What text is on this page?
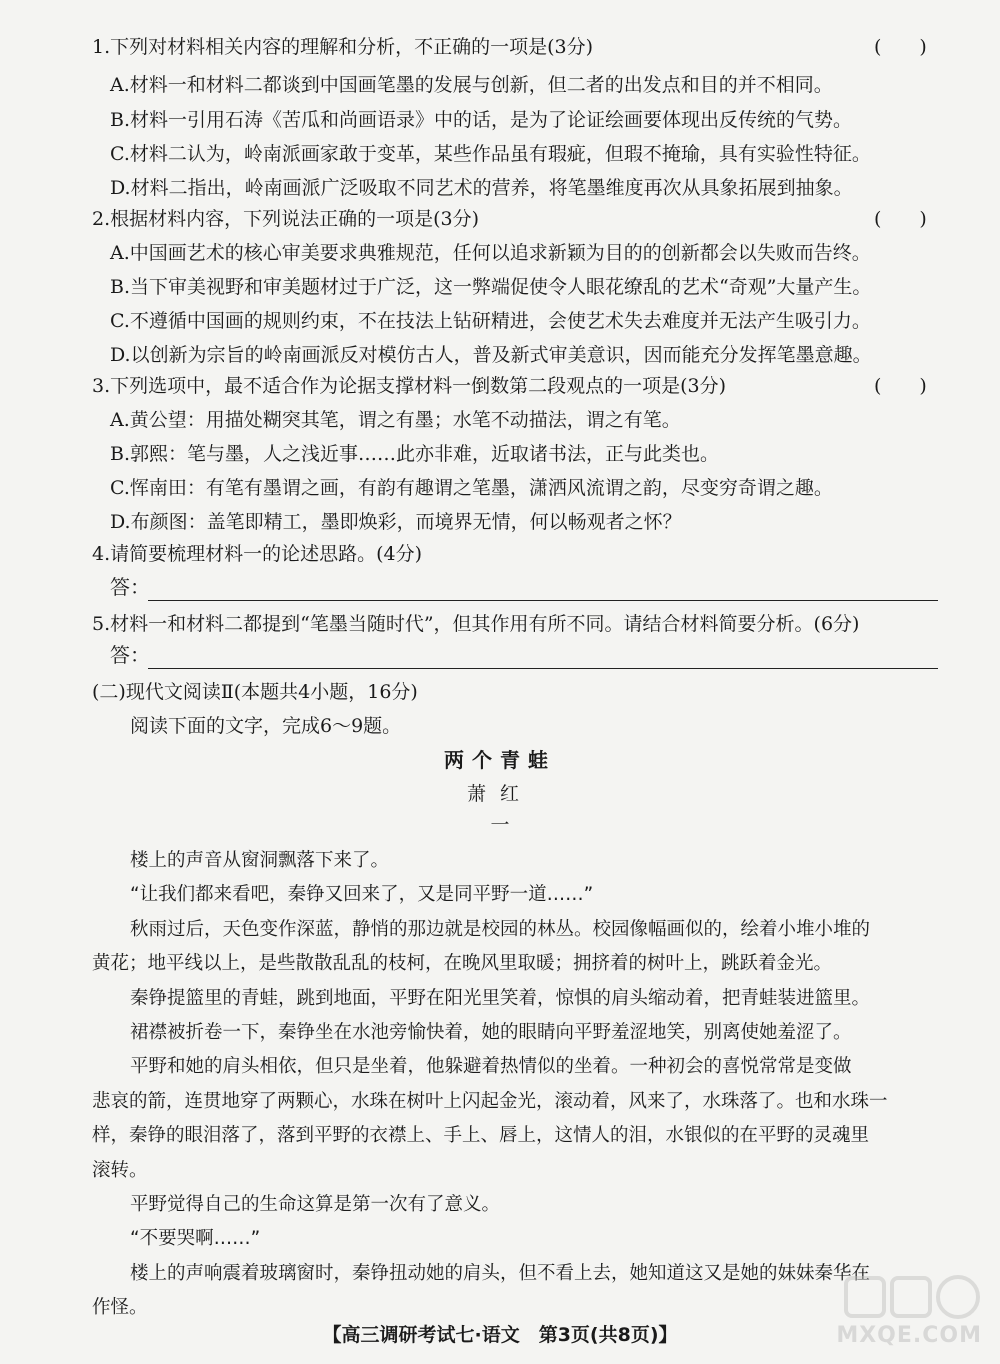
1.下列对材料相关内容的理解和分析，不正确的一项是(3分)	(　　)
A.材料一和材料二都谈到中国画笔墨的发展与创新，但二者的出发点和目的并不相同。
B.材料一引用石涛《苦瓜和尚画语录》中的话，是为了论证绘画要体现出反传统的气势。
C.材料二认为，岭南派画家敢于变革，某些作品虽有瑕疵，但瑕不掩瑜，具有实验性特征。
D.材料二指出，岭南画派广泛吸取不同艺术的营养，将笔墨维度再次从具象拓展到抽象。
2.根据材料内容，下列说法正确的一项是(3分)	(　　)
A.中国画艺术的核心审美要求典雅规范，任何以追求新颖为目的的创新都会以失败而告终。
B.当下审美视野和审美题材过于广泛，这一弊端促使令人眼花缭乱的艺术“奇观”大量产生。
C.不遵循中国画的规则约束，不在技法上钻研精进，会使艺术失去难度并无法产生吸引力。
D.以创新为宗旨的岭南画派反对模仿古人，普及新式审美意识，因而能充分发挥笔墨意趣。
3.下列选项中，最不适合作为论据支撑材料一倒数第二段观点的一项是(3分)	(　　)
A.黄公望：用描处糊突其笔，谓之有墨；水笔不动描法，谓之有笔。
B.郭熙：笔与墨，人之浅近事……此亦非难，近取诸书法，正与此类也。
C.恽南田：有笔有墨谓之画，有韵有趣谓之笔墨，潇洒风流谓之韵，尽变穷奇谓之趣。
D.布颜图：盖笔即精工，墨即焕彩，而境界无情，何以畅观者之怀？
4.请简要梳理材料一的论述思路。(4分)
答：
5.材料一和材料二都提到“笔墨当随时代”，但其作用有所不同。请结合材料简要分析。(6分)
答：
(二)现代文阅读Ⅱ(本题共4小题，16分)
阅读下面的文字，完成6～9题。
两个青蛙
萧红
一
楼上的声音从窗洞飘落下来了。
“让我们都来看吧，秦铮又回来了，又是同平野一道……”
秋雨过后，天色变作深蓝，静悄的那边就是校园的林丛。校园像幅画似的，绘着小堆小堆的
黄花；地平线以上，是些散散乱乱的枝柯，在晚风里取暖；拥挤着的树叶上，跳跃着金光。
秦铮提篮里的青蛙，跳到地面，平野在阳光里笑着，惊惧的肩头缩动着，把青蛙装进篮里。
裙襟被折卷一下，秦铮坐在水池旁愉快着，她的眼睛向平野羞涩地笑，别离使她羞涩了。
平野和她的肩头相依，但只是坐着，他躲避着热情似的坐着。一种初会的喜悦常常是变做
悲哀的箭，连贯地穿了两颗心，水珠在树叶上闪起金光，滚动着，风来了，水珠落了。也和水珠一
样，秦铮的眼泪落了，落到平野的衣襟上、手上、唇上，这情人的泪，水银似的在平野的灵魂里
滚转。
平野觉得自己的生命这算是第一次有了意义。
“不要哭啊……”
楼上的声响震着玻璃窗时，秦铮扭动她的肩头，但不看上去，她知道这又是她的妹妹秦华在
作怪。
【高三调研考试七·语文　第3页(共8页)】	MXQE.COM
